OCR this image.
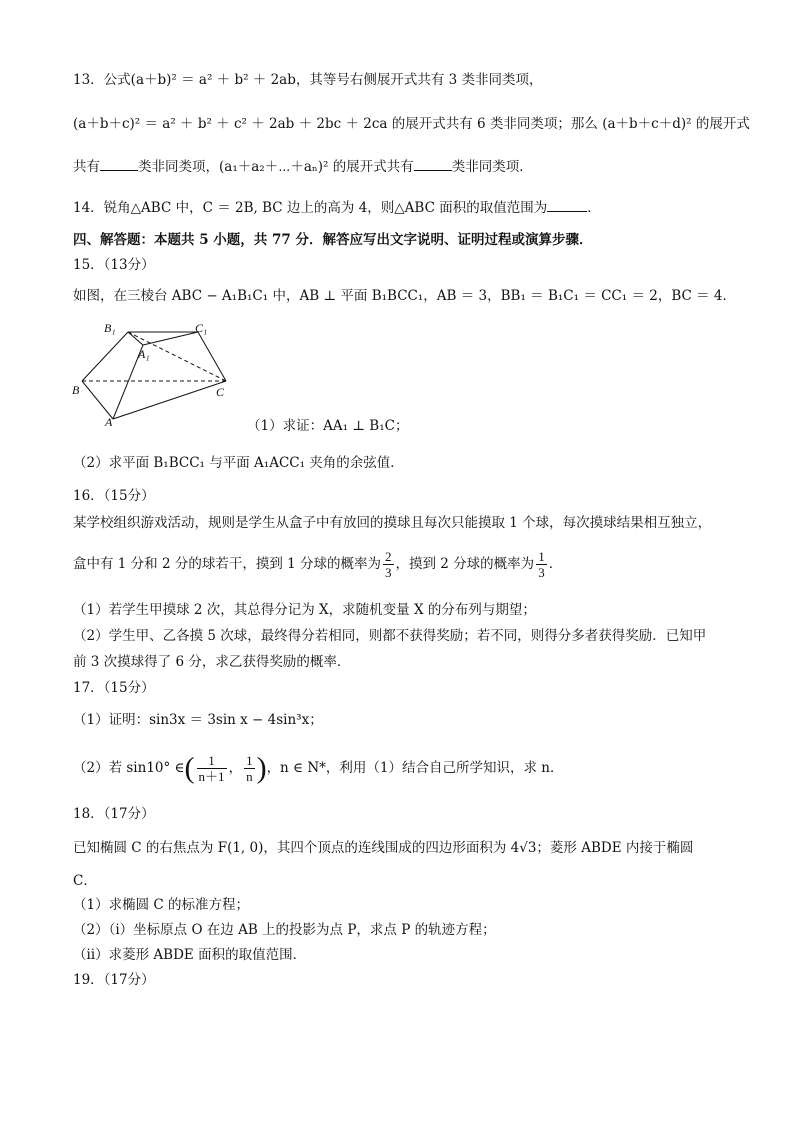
13．公式(a＋b)² ＝ a² ＋ b² ＋ 2ab，其等号右侧展开式共有 3 类非同类项，
(a＋b＋c)² ＝ a² ＋ b² ＋ c² ＋ 2ab ＋ 2bc ＋ 2ca 的展开式共有 6 类非同类项；那么 (a＋b＋c＋d)² 的展开式
共有	类非同类项，(a₁＋a₂＋⋯＋aₙ)² 的展开式共有	类非同类项．
14．锐角△ABC 中，C ＝ 2B, BC 边上的高为 4，则△ABC 面积的取值范围为	．
四、解答题：本题共 5 小题，共 77 分．解答应写出文字说明、证明过程或演算步骤．
15．（13分）
如图，在三棱台 ABC − A₁B₁C₁ 中，AB ⊥ 平面 B₁BCC₁，AB ＝ 3，BB₁ ＝ B₁C₁ ＝ CC₁ ＝ 2，BC ＝ 4．
B₁	C₁
A₁
B	C
A	（1）求证：AA₁ ⊥ B₁C；
（2）求平面 B₁BCC₁ 与平面 A₁ACC₁ 夹角的余弦值．
16．（15分）
某学校组织游戏活动，规则是学生从盒子中有放回的摸球且每次只能摸取 1 个球，每次摸球结果相互独立，
盒中有 1 分和 2 分的球若干，摸到 1 分球的概率为 $\frac{2}{3}$ ，摸到 2 分球的概率为 $\frac{1}{3}$ ．
（1）若学生甲摸球 2 次，其总得分记为 X，求随机变量 X 的分布列与期望；
（2）学生甲、乙各摸 5 次球，最终得分若相同，则都不获得奖励；若不同，则得分多者获得奖励．已知甲
前 3 次摸球得了 6 分，求乙获得奖励的概率．
17．（15分）
（1）证明：sin3x ＝ 3sin x − 4sin³x；
（2）若 sin10° ∈( $\frac{1}{n+1}$ ， $\frac{1}{n}$ )，n ∈ N*，利用（1）结合自己所学知识，求 n．
18．（17分）
已知椭圆 C 的右焦点为 F(1, 0)，其四个顶点的连线围成的四边形面积为 4√3；菱形 ABDE 内接于椭圆
C．
（1）求椭圆 C 的标准方程；
（2）（ⅰ）坐标原点 O 在边 AB 上的投影为点 P，求点 P 的轨迹方程；
（ⅱ）求菱形 ABDE 面积的取值范围．
19．（17分）
